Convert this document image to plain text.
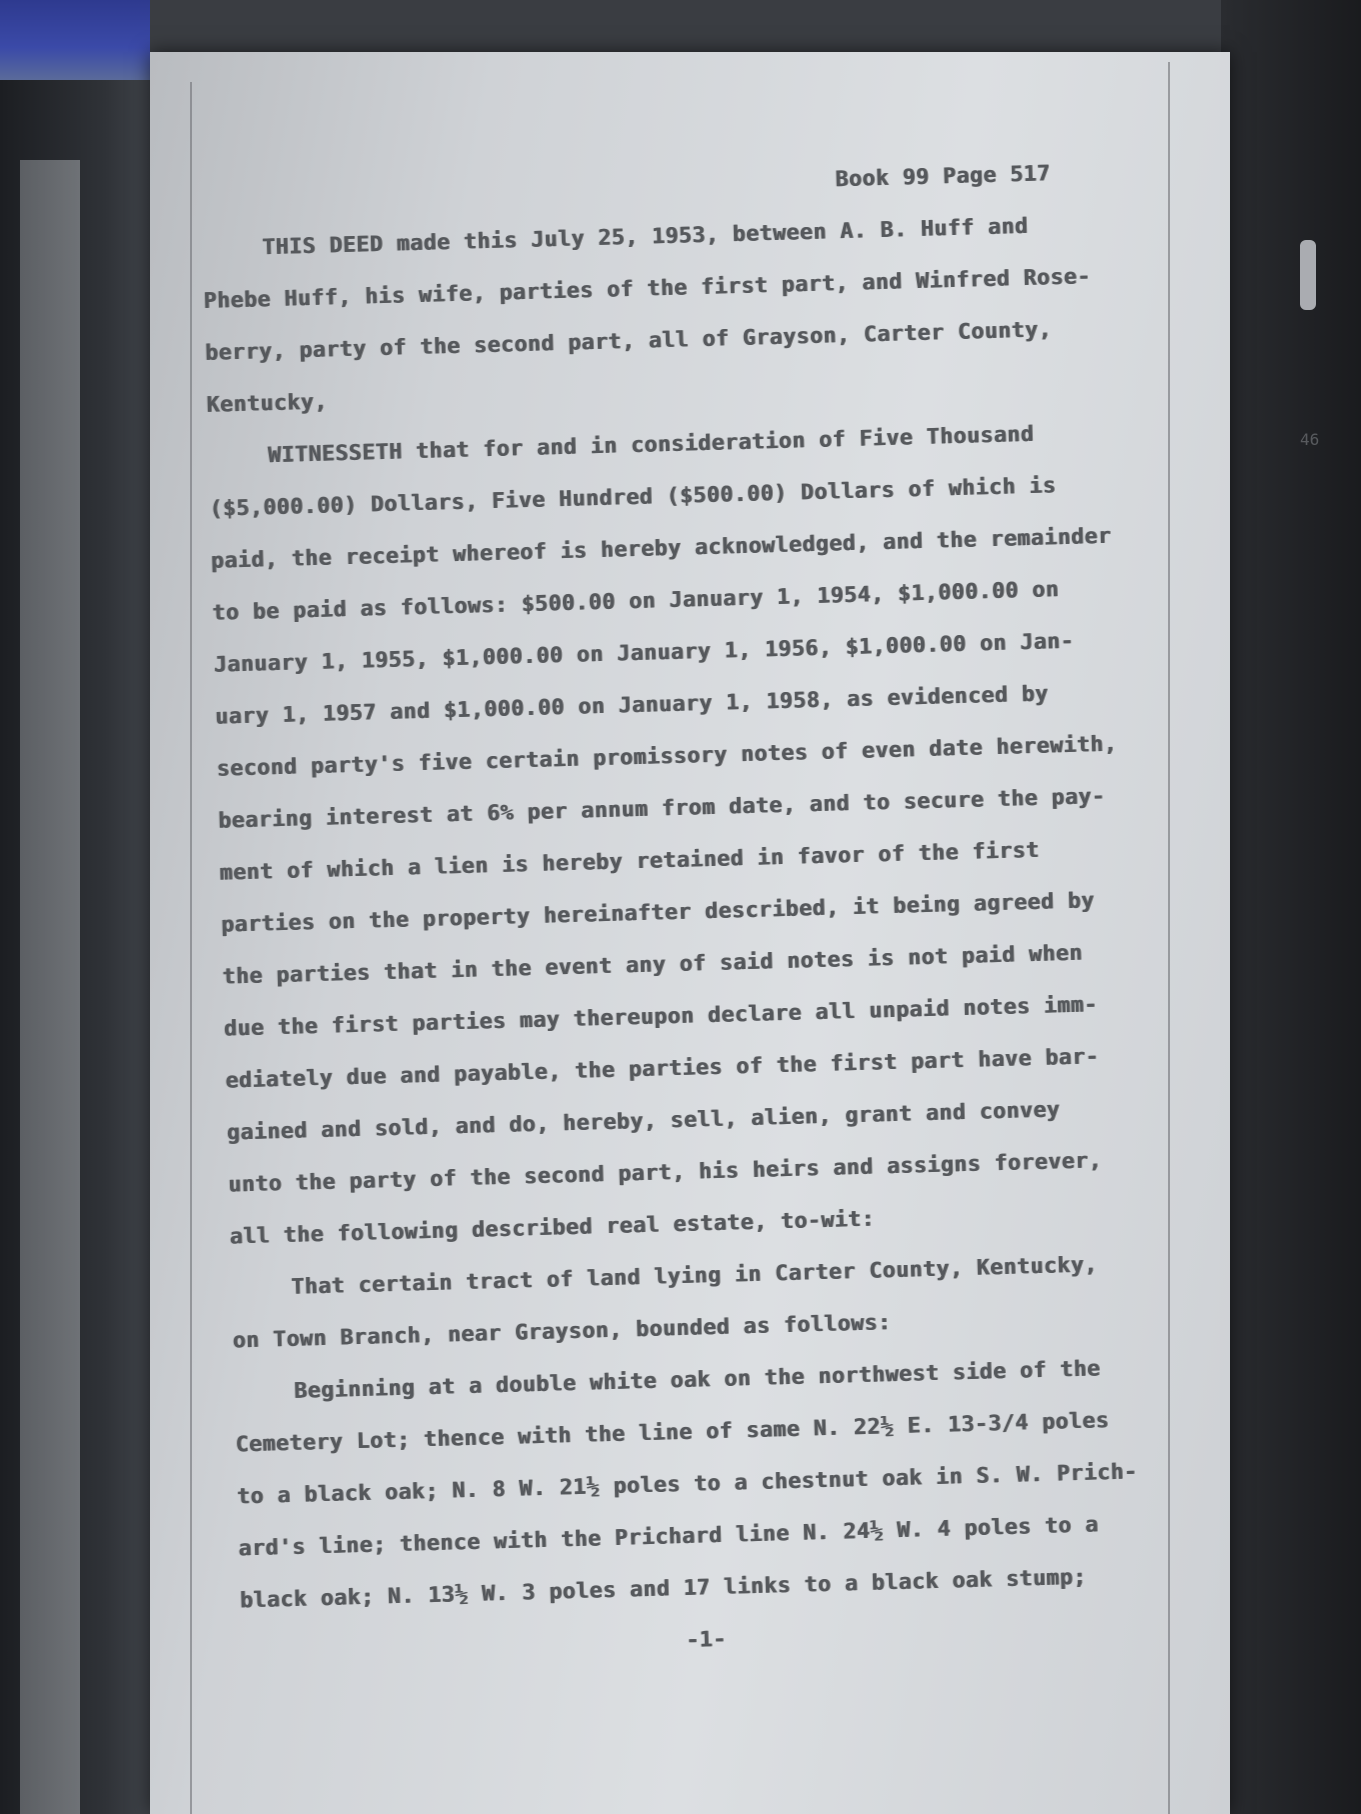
Book 99 Page 517
THIS DEED made this July 25, 1953, between A. B. Huff and
Phebe Huff, his wife, parties of the first part, and Winfred Rose-
berry, party of the second part, all of Grayson, Carter County,
Kentucky,
WITNESSETH that for and in consideration of Five Thousand
($5,000.00) Dollars, Five Hundred ($500.00) Dollars of which is
paid, the receipt whereof is hereby acknowledged, and the remainder
to be paid as follows: $500.00 on January 1, 1954, $1,000.00 on
January 1, 1955, $1,000.00 on January 1, 1956, $1,000.00 on Jan-
uary 1, 1957 and $1,000.00 on January 1, 1958, as evidenced by
second party's five certain promissory notes of even date herewith,
bearing interest at 6% per annum from date, and to secure the pay-
ment of which a lien is hereby retained in favor of the first
parties on the property hereinafter described, it being agreed by
the parties that in the event any of said notes is not paid when
due the first parties may thereupon declare all unpaid notes imm-
ediately due and payable, the parties of the first part have bar-
gained and sold, and do, hereby, sell, alien, grant and convey
unto the party of the second part, his heirs and assigns forever,
all the following described real estate, to-wit:
That certain tract of land lying in Carter County, Kentucky,
on Town Branch, near Grayson, bounded as follows:
Beginning at a double white oak on the northwest side of the
Cemetery Lot; thence with the line of same N. 22½ E. 13-3/4 poles
to a black oak; N. 8 W. 21½ poles to a chestnut oak in S. W. Prich-
ard's line; thence with the Prichard line N. 24½ W. 4 poles to a
black oak; N. 13½ W. 3 poles and 17 links to a black oak stump;
-1-
46
